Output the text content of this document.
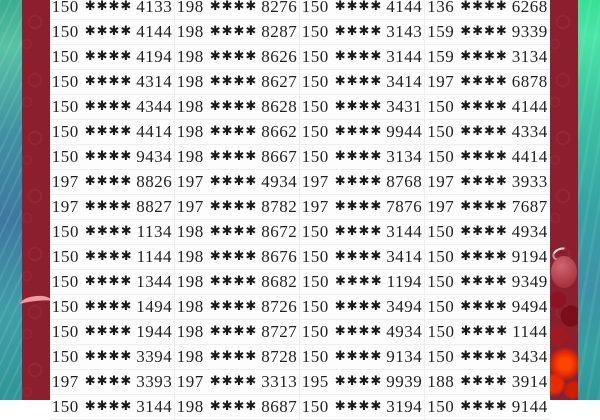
150 ✱✱✱✱ 4133 198 ✱✱✱✱ 8276 150 ✱✱✱✱ 4144 136 ✱✱✱✱ 6268
150 ✱✱✱✱ 4144 198 ✱✱✱✱ 8287 150 ✱✱✱✱ 3143 159 ✱✱✱✱ 9339
150 ✱✱✱✱ 4194 198 ✱✱✱✱ 8626 150 ✱✱✱✱ 3144 159 ✱✱✱✱ 3134
150 ✱✱✱✱ 4314 198 ✱✱✱✱ 8627 150 ✱✱✱✱ 3414 197 ✱✱✱✱ 6878
150 ✱✱✱✱ 4344 198 ✱✱✱✱ 8628 150 ✱✱✱✱ 3431 150 ✱✱✱✱ 4144
150 ✱✱✱✱ 4414 198 ✱✱✱✱ 8662 150 ✱✱✱✱ 9944 150 ✱✱✱✱ 4334
150 ✱✱✱✱ 9434 198 ✱✱✱✱ 8667 150 ✱✱✱✱ 3134 150 ✱✱✱✱ 4414
197 ✱✱✱✱ 8826 197 ✱✱✱✱ 4934 197 ✱✱✱✱ 8768 197 ✱✱✱✱ 3933
197 ✱✱✱✱ 8827 197 ✱✱✱✱ 8782 197 ✱✱✱✱ 7876 197 ✱✱✱✱ 7687
150 ✱✱✱✱ 1134 198 ✱✱✱✱ 8672 150 ✱✱✱✱ 3144 150 ✱✱✱✱ 4934
150 ✱✱✱✱ 1144 198 ✱✱✱✱ 8676 150 ✱✱✱✱ 3414 150 ✱✱✱✱ 9194
150 ✱✱✱✱ 1344 198 ✱✱✱✱ 8682 150 ✱✱✱✱ 1194 150 ✱✱✱✱ 9349
150 ✱✱✱✱ 1494 198 ✱✱✱✱ 8726 150 ✱✱✱✱ 3494 150 ✱✱✱✱ 9494
150 ✱✱✱✱ 1944 198 ✱✱✱✱ 8727 150 ✱✱✱✱ 4934 150 ✱✱✱✱ 1144
150 ✱✱✱✱ 3394 198 ✱✱✱✱ 8728 150 ✱✱✱✱ 9134 150 ✱✱✱✱ 3434
197 ✱✱✱✱ 3393 197 ✱✱✱✱ 3313 195 ✱✱✱✱ 9939 188 ✱✱✱✱ 3914
150 ✱✱✱✱ 3144 198 ✱✱✱✱ 8687 150 ✱✱✱✱ 3194 150 ✱✱✱✱ 9144
